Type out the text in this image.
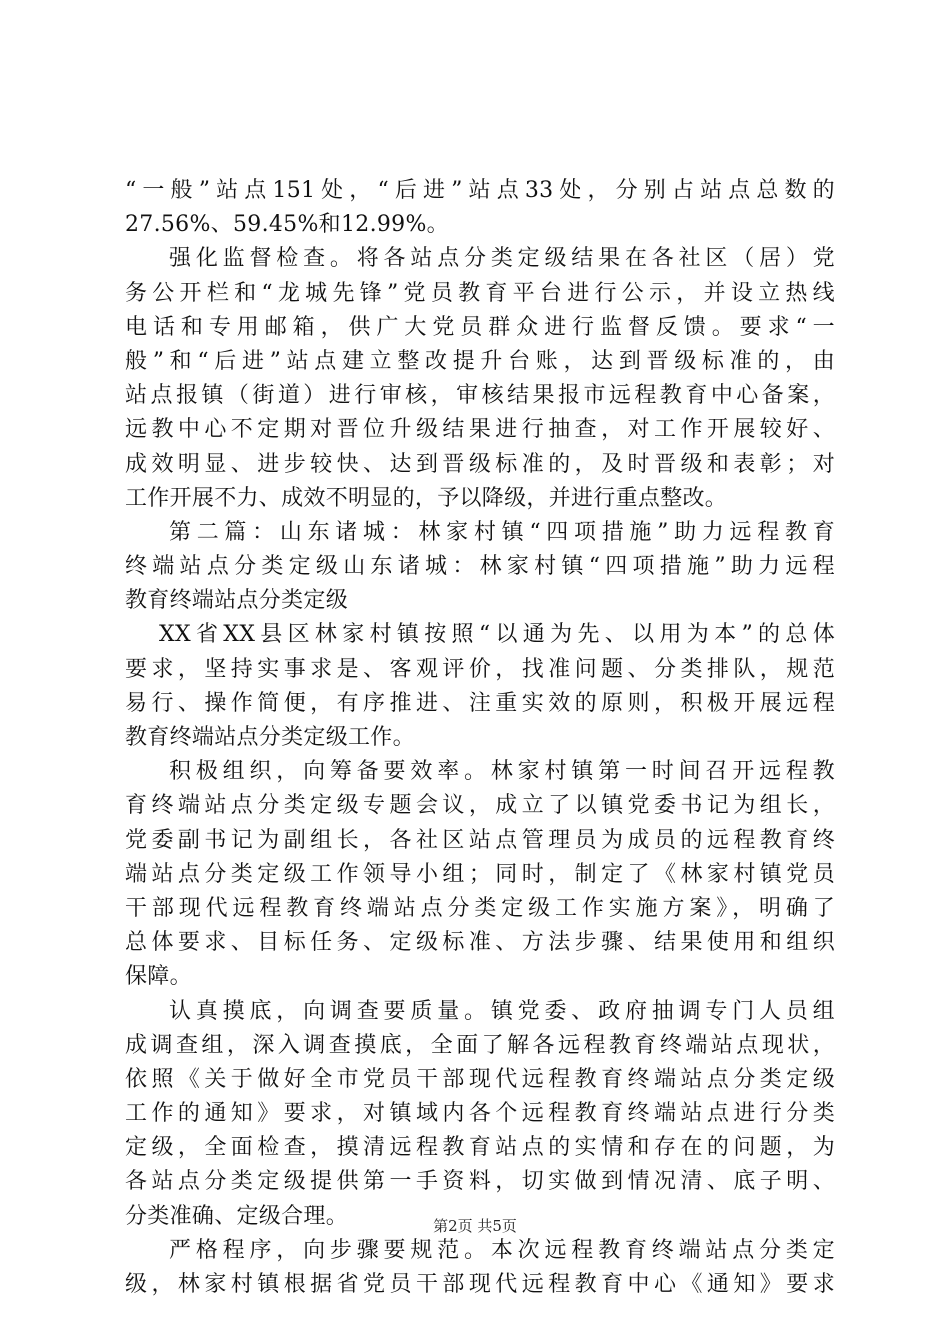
“一般”站点151处，“后进”站点33处，分别占站点总数的
27.56%、59.45%和12.99%。
强化监督检查。将各站点分类定级结果在各社区（居）党
务公开栏和“龙城先锋”党员教育平台进行公示，并设立热线
电话和专用邮箱，供广大党员群众进行监督反馈。要求“一
般”和“后进”站点建立整改提升台账，达到晋级标准的，由
站点报镇（街道）进行审核，审核结果报市远程教育中心备案，
远教中心不定期对晋位升级结果进行抽查，对工作开展较好、
成效明显、进步较快、达到晋级标准的，及时晋级和表彰；对
工作开展不力、成效不明显的，予以降级，并进行重点整改。
第二篇：山东诸城：林家村镇“四项措施”助力远程教育
终端站点分类定级山东诸城：林家村镇“四项措施”助力远程
教育终端站点分类定级
XX省XX县区林家村镇按照“以通为先、以用为本”的总体
要求，坚持实事求是、客观评价，找准问题、分类排队，规范
易行、操作简便，有序推进、注重实效的原则，积极开展远程
教育终端站点分类定级工作。
积极组织，向筹备要效率。林家村镇第一时间召开远程教
育终端站点分类定级专题会议，成立了以镇党委书记为组长，
党委副书记为副组长，各社区站点管理员为成员的远程教育终
端站点分类定级工作领导小组；同时，制定了《林家村镇党员
干部现代远程教育终端站点分类定级工作实施方案》，明确了
总体要求、目标任务、定级标准、方法步骤、结果使用和组织
保障。
认真摸底，向调查要质量。镇党委、政府抽调专门人员组
成调查组，深入调查摸底，全面了解各远程教育终端站点现状，
依照《关于做好全市党员干部现代远程教育终端站点分类定级
工作的通知》要求，对镇域内各个远程教育终端站点进行分类
定级，全面检查，摸清远程教育站点的实情和存在的问题，为
各站点分类定级提供第一手资料，切实做到情况清、底子明、
分类准确、定级合理。
严格程序，向步骤要规范。本次远程教育终端站点分类定
级，林家村镇根据省党员干部现代远程教育中心《通知》要求
第2页 共5页
